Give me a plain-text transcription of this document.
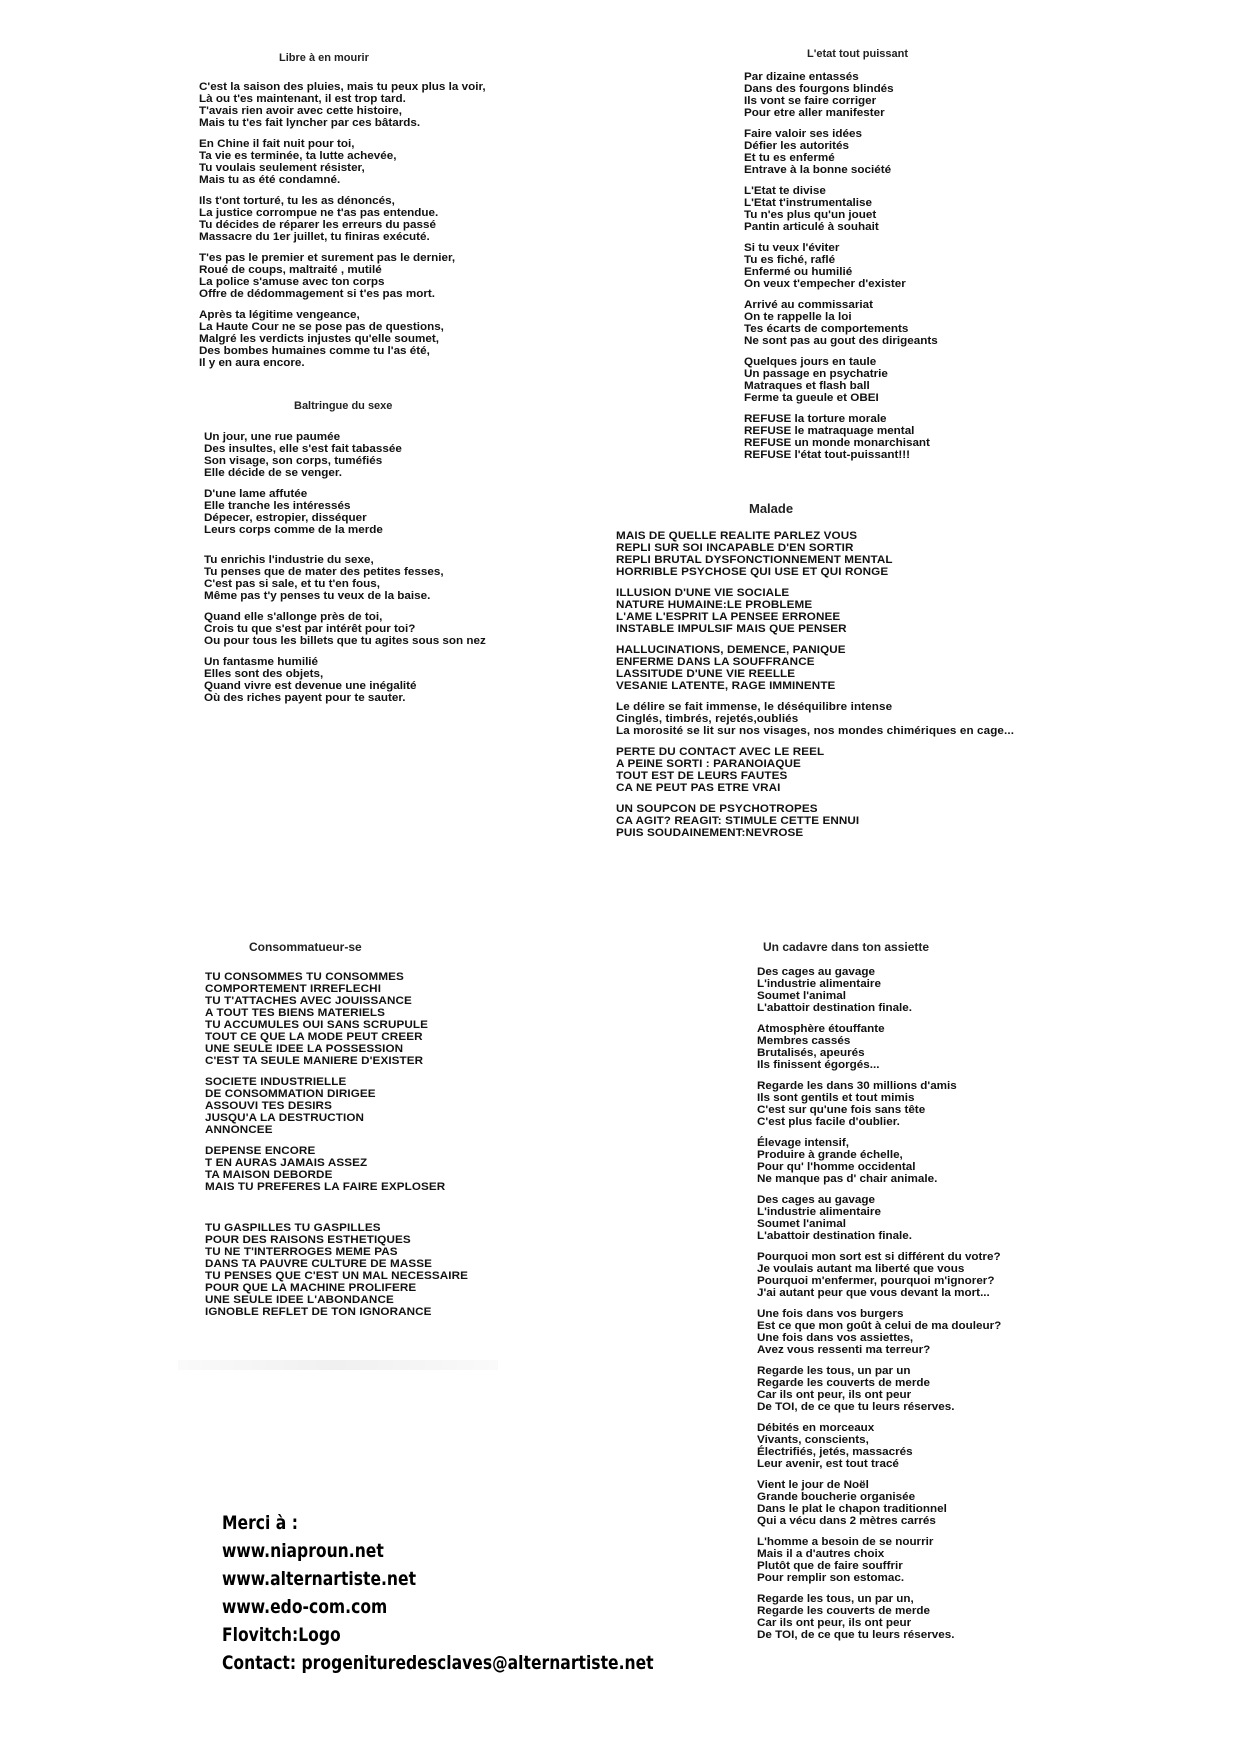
Libre à en mourir
C'est la saison des pluies, mais tu peux plus la voir,
Là ou t'es maintenant, il est trop tard.
T'avais rien avoir avec cette histoire,
Mais tu t'es fait lyncher par ces bâtards.
En Chine il fait nuit pour toi,
Ta vie es terminée, ta lutte achevée,
Tu voulais seulement résister,
Mais tu as été condamné.
Ils t'ont torturé, tu les as dénoncés,
La justice corrompue ne t'as pas entendue.
Tu décides de réparer les erreurs du passé
Massacre du 1er juillet, tu finiras exécuté.
T'es pas le premier et surement pas le dernier,
Roué de coups, maltraité , mutilé
La police s'amuse avec ton corps
Offre de dédommagement si t'es pas mort.
Après ta légitime vengeance,
La Haute Cour ne se pose pas de questions,
Malgré les verdicts injustes qu'elle soumet,
Des bombes humaines comme tu l'as été,
Il y en aura encore.
Baltringue du sexe
Un jour, une rue paumée
Des insultes, elle s'est fait tabassée
Son visage, son corps, tuméfiés
Elle décide de se venger.
D'une lame affutée
Elle tranche les intéressés
Dépecer, estropier, disséquer
Leurs corps comme de la merde
Tu enrichis l'industrie du sexe,
Tu penses que de mater des petites fesses,
C'est pas si sale, et tu t'en fous,
Même pas t'y penses tu veux de la baise.
Quand elle s'allonge près de toi,
Crois tu que s'est par intérêt pour toi?
Ou pour tous les billets que tu agites sous son nez
Un fantasme humilié
Elles sont des objets,
Quand vivre est devenue une inégalité
Où des riches payent pour te sauter.
L'etat tout puissant
Par dizaine entassés
Dans des fourgons blindés
Ils vont se faire corriger
Pour etre aller manifester
Faire valoir ses idées
Défier les autorités
Et tu es enfermé
Entrave à la bonne société
L'Etat te divise
L'Etat t'instrumentalise
Tu n'es plus qu'un jouet
Pantin articulé à souhait
Si tu veux l'éviter
Tu es fiché, raflé
Enfermé ou humilié
On veux t'empecher d'exister
Arrivé au commissariat
On te rappelle la loi
Tes écarts de comportements
Ne sont pas au gout des dirigeants
Quelques jours en taule
Un passage en psychatrie
Matraques et flash ball
Ferme ta gueule et OBEI
REFUSE la torture morale
REFUSE le matraquage mental
REFUSE un monde monarchisant
REFUSE l'état tout-puissant!!!
Malade
MAIS DE QUELLE REALITE PARLEZ VOUS
REPLI SUR SOI INCAPABLE D'EN SORTIR
REPLI BRUTAL DYSFONCTIONNEMENT MENTAL
HORRIBLE PSYCHOSE QUI USE ET QUI RONGE
ILLUSION D'UNE VIE SOCIALE
NATURE HUMAINE:LE PROBLEME
L'AME L'ESPRIT LA PENSEE ERRONEE
INSTABLE IMPULSIF MAIS QUE PENSER
HALLUCINATIONS, DEMENCE, PANIQUE
ENFERME DANS LA SOUFFRANCE
LASSITUDE D'UNE VIE REELLE
VESANIE LATENTE, RAGE IMMINENTE
Le délire se fait immense, le déséquilibre intense
Cinglés, timbrés, rejetés,oubliés
La morosité se lit sur nos visages, nos mondes chimériques en cage...
PERTE DU CONTACT AVEC LE REEL
A PEINE SORTI : PARANOIAQUE
TOUT EST DE LEURS FAUTES
CA NE PEUT PAS ETRE VRAI
UN SOUPCON DE PSYCHOTROPES
CA AGIT? REAGIT: STIMULE CETTE ENNUI
PUIS SOUDAINEMENT:NEVROSE
Consommatueur-se
TU CONSOMMES TU CONSOMMES
COMPORTEMENT IRREFLECHI
TU T'ATTACHES AVEC JOUISSANCE
A TOUT TES BIENS MATERIELS
TU ACCUMULES OUI SANS SCRUPULE
TOUT CE QUE LA MODE PEUT CREER
UNE SEULE IDEE LA POSSESSION
C'EST TA SEULE MANIERE D'EXISTER
SOCIETE INDUSTRIELLE
DE CONSOMMATION DIRIGEE
ASSOUVI TES DESIRS
JUSQU'A LA DESTRUCTION
ANNONCEE
DEPENSE ENCORE
T EN AURAS JAMAIS ASSEZ
TA MAISON DEBORDE
MAIS TU PREFERES LA FAIRE EXPLOSER
TU GASPILLES TU GASPILLES
POUR DES RAISONS ESTHETIQUES
TU NE T'INTERROGES MEME PAS
DANS TA PAUVRE CULTURE DE MASSE
TU PENSES QUE C'EST UN MAL NECESSAIRE
POUR QUE LA MACHINE PROLIFERE
UNE SEULE IDEE L'ABONDANCE
IGNOBLE REFLET DE TON IGNORANCE
Un cadavre dans ton assiette
Des cages au gavage
L'industrie alimentaire
Soumet l'animal
L'abattoir destination finale.
Atmosphère étouffante
Membres cassés
Brutalisés, apeurés
Ils finissent égorgés...
Regarde les dans 30 millions d'amis
Ils sont gentils et tout mimis
C'est sur qu'une fois sans tête
C'est plus facile d'oublier.
Élevage intensif,
Produire à grande échelle,
Pour qu' l'homme occidental
Ne manque pas d' chair animale.
Des cages au gavage
L'industrie alimentaire
Soumet l'animal
L'abattoir destination finale.
Pourquoi mon sort est si différent du votre?
Je voulais autant ma liberté que vous
Pourquoi m'enfermer, pourquoi m'ignorer?
J'ai autant peur que vous devant la mort...
Une fois dans vos burgers
Est ce que mon goût à celui de ma douleur?
Une fois dans vos assiettes,
Avez vous ressenti ma terreur?
Regarde les tous, un par un
Regarde les couverts de merde
Car ils ont peur, ils ont peur
De TOI, de ce que tu leurs réserves.
Débités en morceaux
Vivants, conscients,
Électrifiés, jetés, massacrés
Leur avenir, est tout tracé
Vient le jour de Noël
Grande boucherie organisée
Dans le plat le chapon traditionnel
Qui a vécu dans 2 mètres carrés
L'homme a besoin de se nourrir
Mais il a d'autres choix
Plutôt que de faire souffrir
Pour remplir son estomac.
Regarde les tous, un par un,
Regarde les couverts de merde
Car ils ont peur, ils ont peur
De TOI, de ce que tu leurs réserves.
Merci à :
www.niaproun.net
www.alternartiste.net
www.edo-com.com
Flovitch:Logo
Contact: progenituredesclaves@alternartiste.net
